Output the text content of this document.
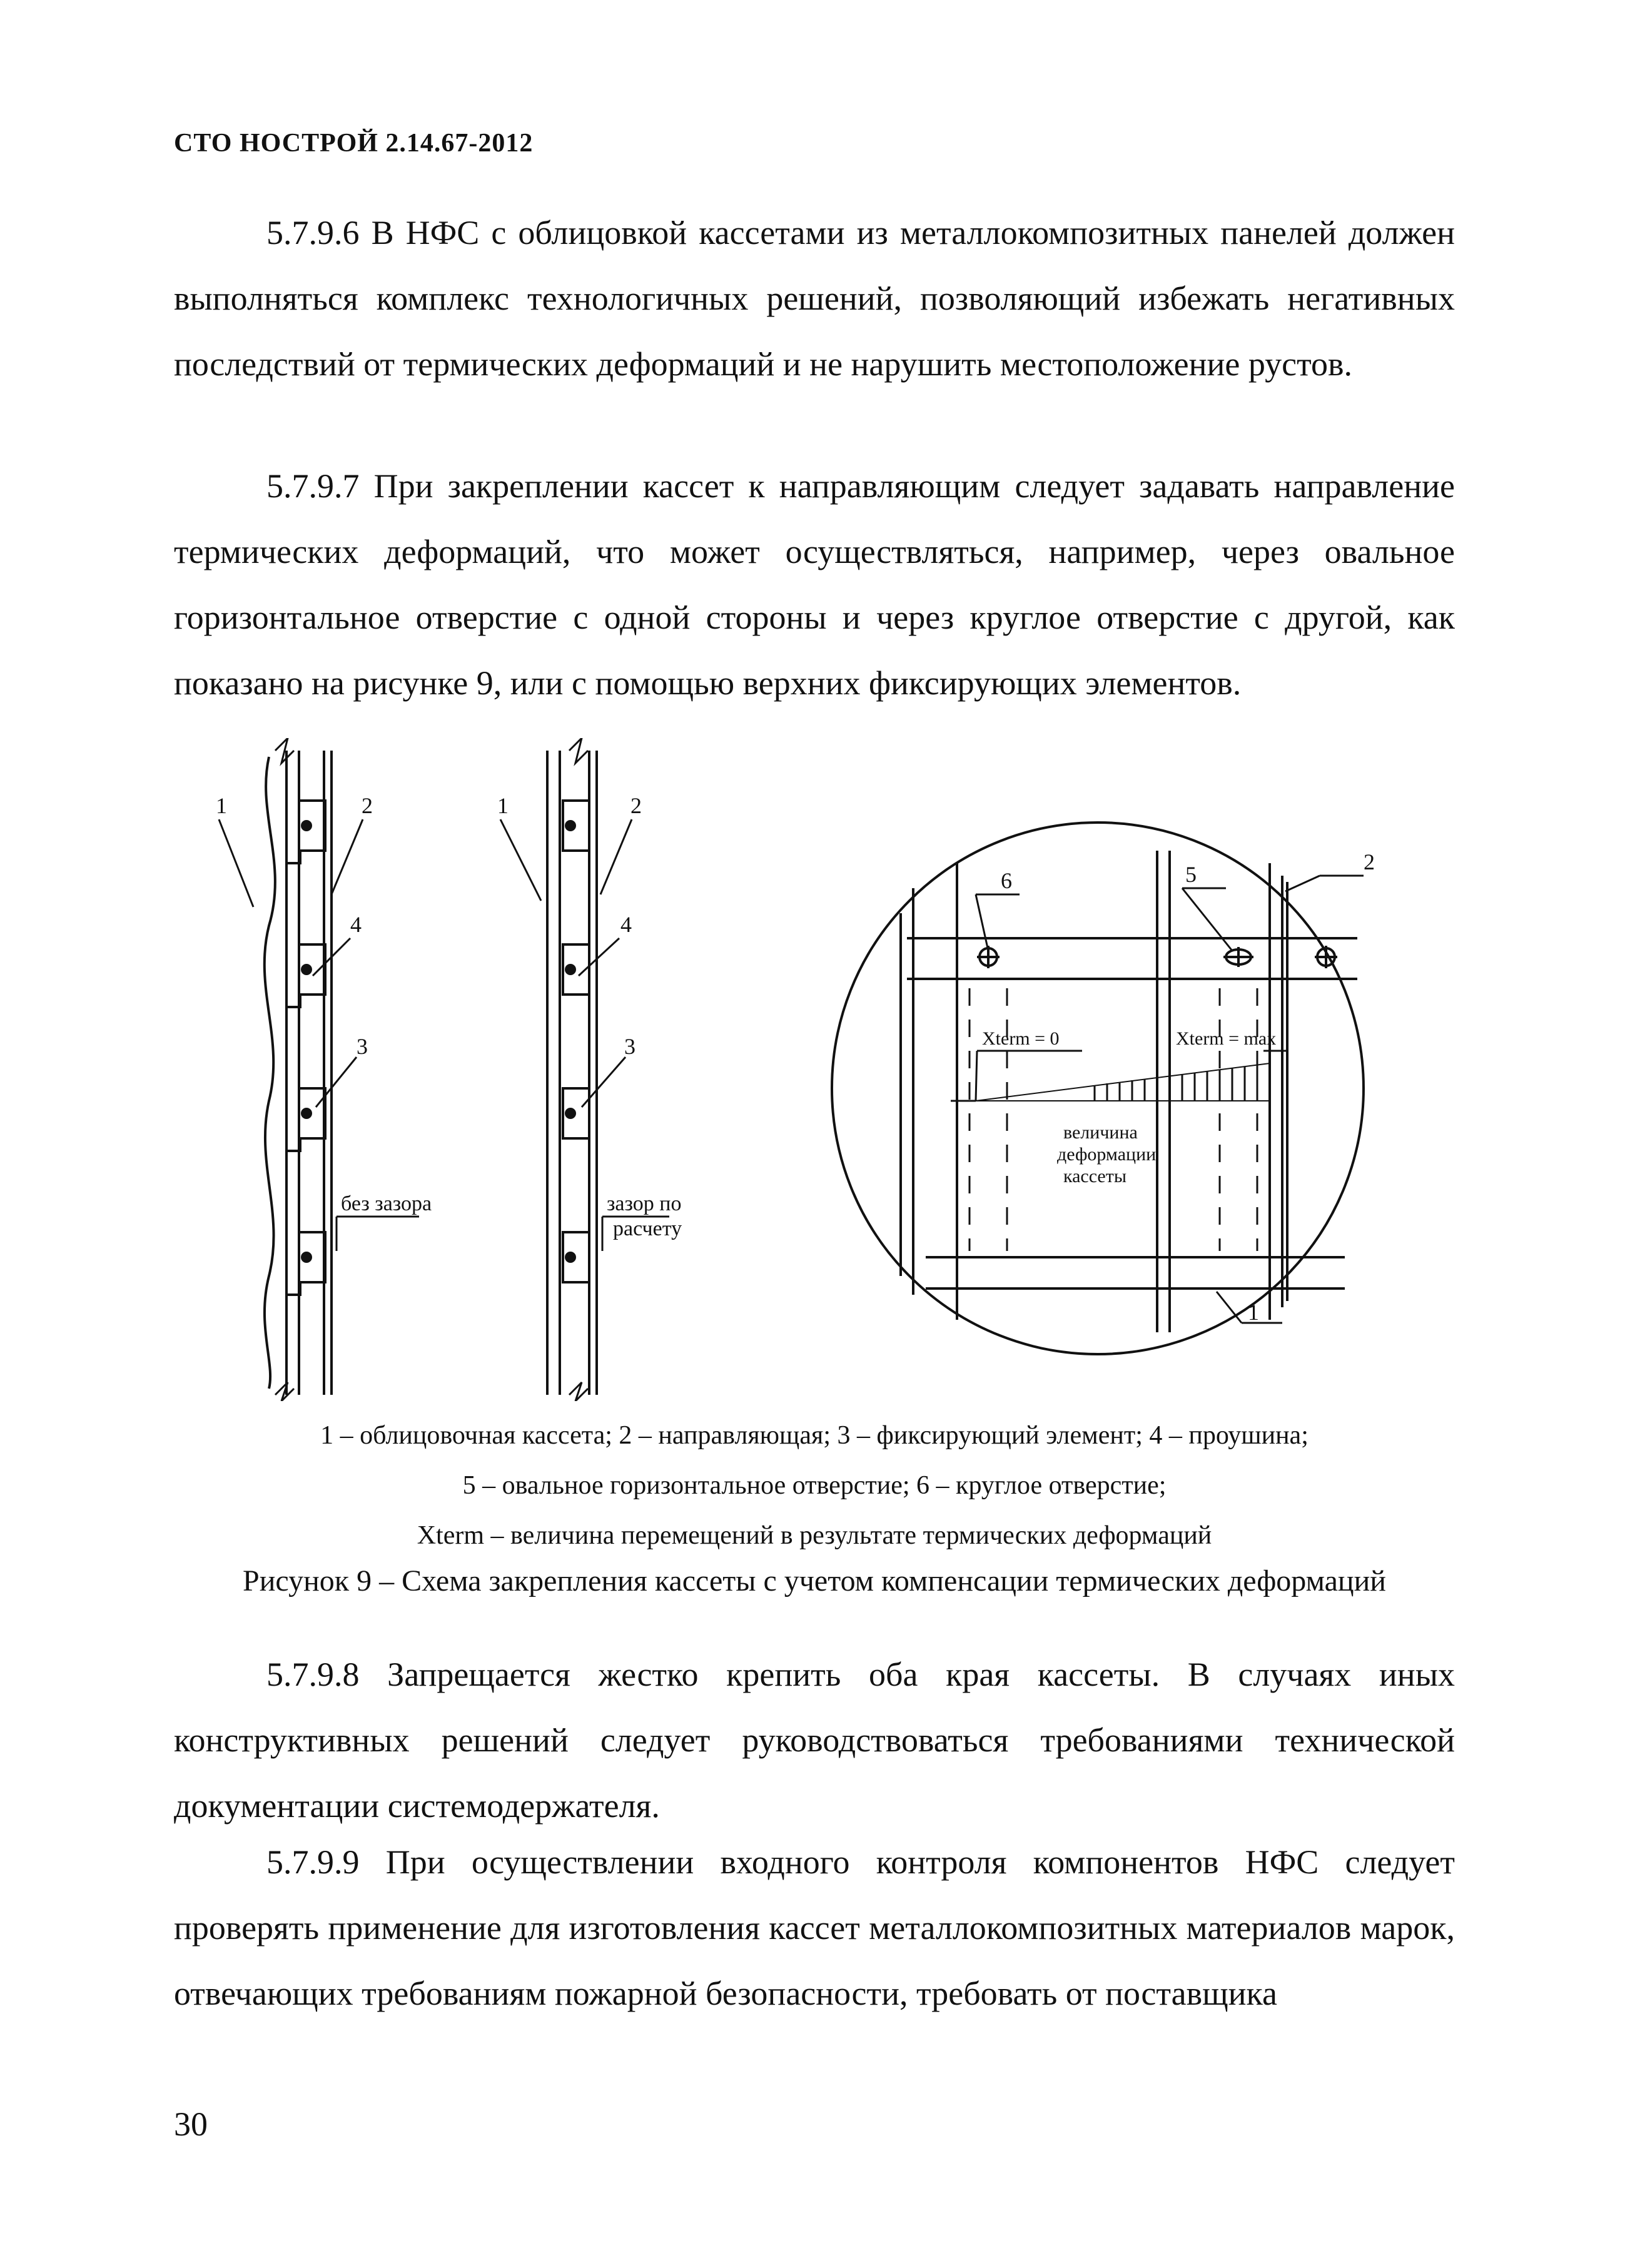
СТО НОСТРОЙ 2.14.67-2012

5.7.9.6 В НФС с облицовкой кассетами из металлокомпозитных панелей должен выполняться комплекс технологичных решений, позволяющий избежать негативных последствий от термических деформаций и не нарушить местоположение рустов.

5.7.9.7 При закреплении кассет к направляющим следует задавать направление термических деформаций, что может осуществляться, например, через овальное горизонтальное отверстие с одной стороны и через круглое отверстие с другой, как показано на рисунке 9, или с помощью верхних фиксирующих элементов.

1	2
4
3
без зазора
1	2
4
3
зазор по
расчету
6	5	2
1
Xterm = 0	Xterm = max
величина
деформации
кассеты
1 – облицовочная кассета; 2 – направляющая; 3 – фиксирующий элемент; 4 – проушина;
5 – овальное горизонтальное отверстие; 6 – круглое отверстие;
Xterm – величина перемещений в результате термических деформаций
Рисунок 9 – Схема закрепления кассеты с учетом компенсации термических деформаций

5.7.9.8 Запрещается жестко крепить оба края кассеты. В случаях иных конструктивных решений следует руководствоваться требованиями технической документации системодержателя.

5.7.9.9 При осуществлении входного контроля компонентов НФС следует проверять применение для изготовления кассет металлокомпозитных материалов марок, отвечающих требованиям пожарной безопасности, требовать от поставщика

30
